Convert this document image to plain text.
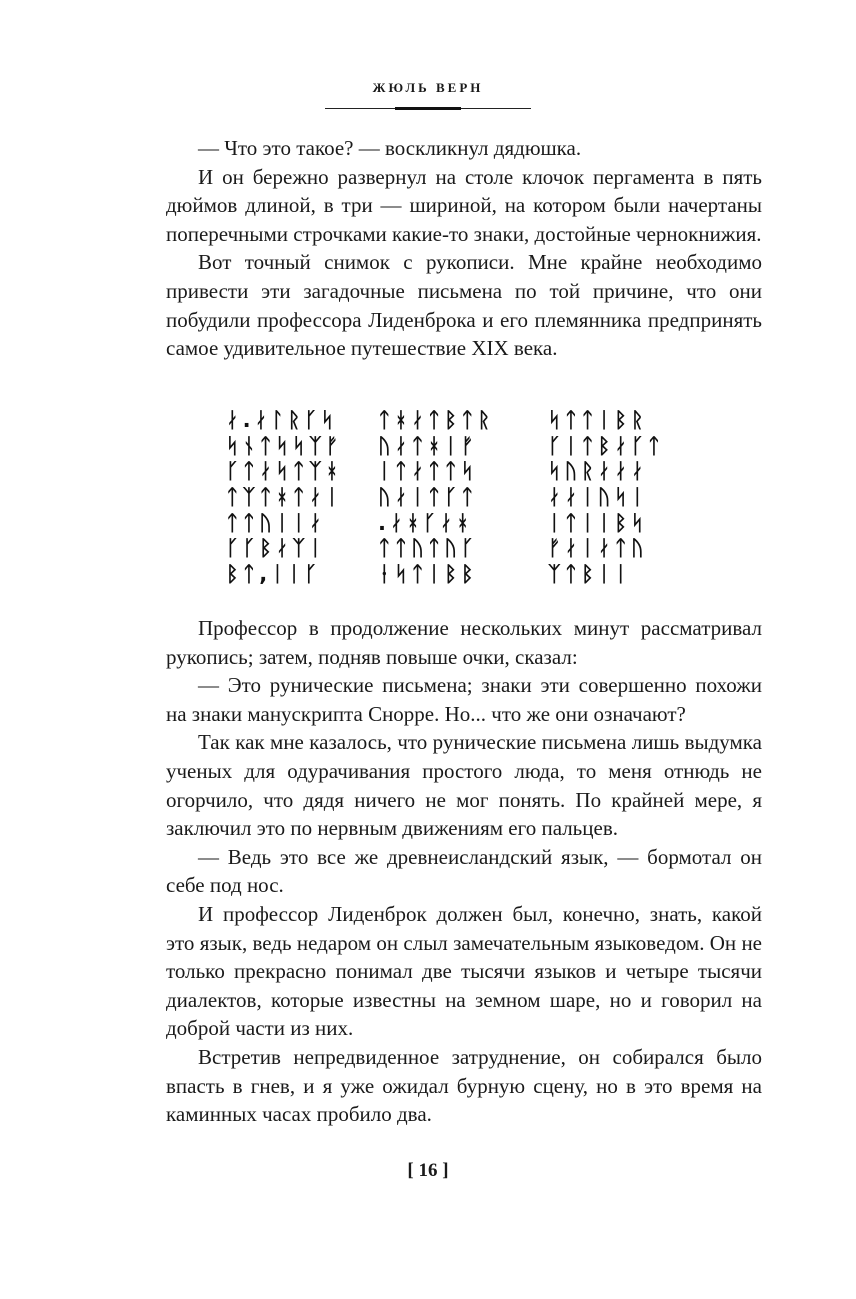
ЖЮЛЬ ВЕРН

— Что это такое? — воскликнул дядюшка.

И он бережно развернул на столе клочок пергамента в пять дюймов длиной, в три — шириной, на котором были начертаны поперечными строчками какие-то знаки, достойные чернокнижия.

Вот точный снимок с рукописи. Мне крайне необходимо привести эти загадочные письмена по той причине, что они побудили профессора Лиденброка и его племянника предпринять самое удивительное путешествие XIX века.

ᛅ.ᛅᛚᚱᚴᛋ
ᛋᚾᛏᛋᛋᛉᚠ
ᚴᛏᛅᛋᛏᛉᚼ
ᛏᛉᛏᚼᛏᛅᛁ
ᛏᛏᚢᛁᛁᛅ
ᚴᚴᛒᛅᛉᛁ
ᛒᛏ,ᛁᛁᚴ
ᛏᚼᛅᛏᛒᛏᚱ
ᚢᛅᛏᚼᛁᚠ
ᛁᛏᛅᛏᛏᛋ
ᚢᛅᛁᛏᚴᛏ
.ᛅᚼᚴᛅᚼ
ᛏᛏᚢᛏᚢᚴ
ᚽᛋᛏᛁᛒᛒ
ᛋᛏᛏᛁᛒᚱ
ᚴᛁᛏᛒᛅᚴᛏ
ᛋᚢᚱᛅᛅᛅ
ᛅᛅᛁᚢᛋᛁ
ᛁᛏᛁᛁᛒᛋ
ᚠᛅᛁᛅᛏᚢ
ᛉᛏᛒᛁᛁ

Профессор в продолжение нескольких минут рассматривал рукопись; затем, подняв повыше очки, сказал:

— Это рунические письмена; знаки эти совершенно похожи на знаки манускрипта Снорре. Но... что же они означают?

Так как мне казалось, что рунические письмена лишь выдумка ученых для одурачивания простого люда, то меня отнюдь не огорчило, что дядя ничего не мог понять. По крайней мере, я заключил это по нервным движениям его пальцев.

— Ведь это все же древнеисландский язык, — бормотал он себе под нос.

И профессор Лиденброк должен был, конечно, знать, какой это язык, ведь недаром он слыл замечательным языковедом. Он не только прекрасно понимал две тысячи языков и четыре тысячи диалектов, которые известны на земном шаре, но и говорил на доброй части из них.

Встретив непредвиденное затруднение, он собирался было впасть в гнев, и я уже ожидал бурную сцену, но в это время на каминных часах пробило два.

[ 16 ]
